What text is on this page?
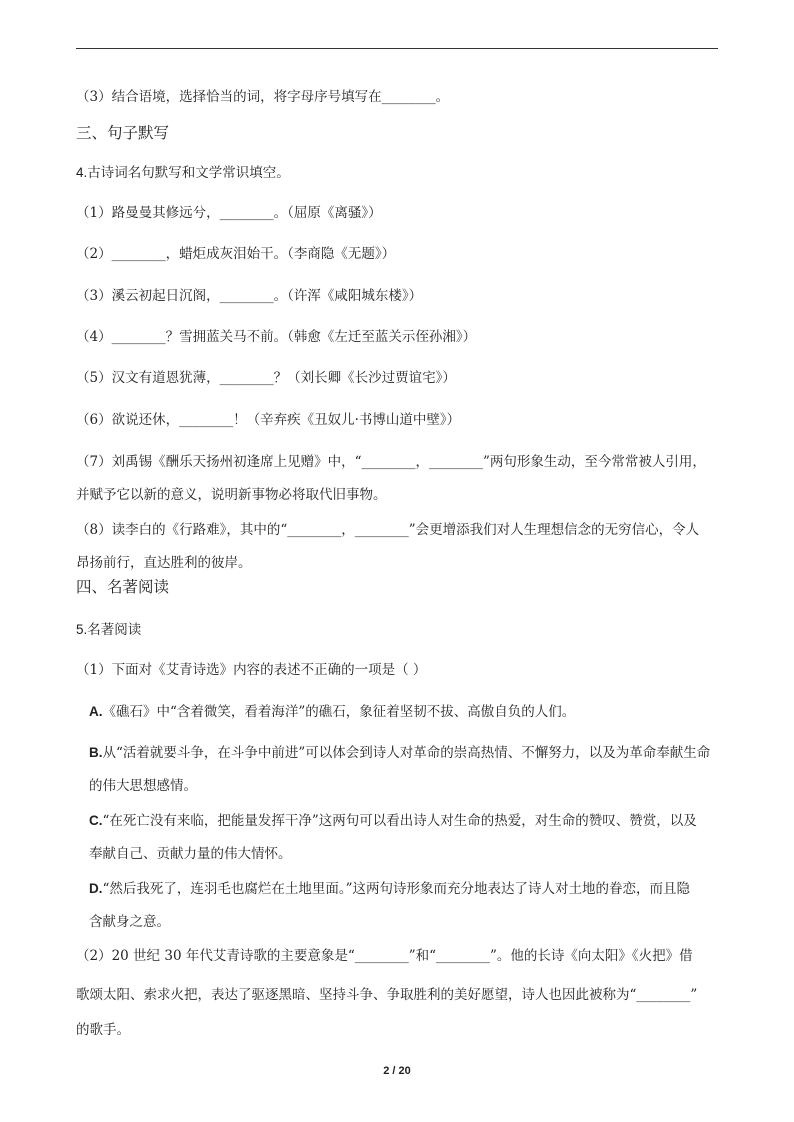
（3）结合语境，选择恰当的词，将字母序号填写在________。
三、句子默写
4.古诗词名句默写和文学常识填空。
（1）路曼曼其修远兮，________。（屈原《离骚》）
（2）________，蜡炬成灰泪始干。（李商隐《无题》）
（3）溪云初起日沉阁，________。（许浑《咸阳城东楼》）
（4）________？雪拥蓝关马不前。（韩愈《左迁至蓝关示侄孙湘》）
（5）汉文有道恩犹薄，________？（刘长卿《长沙过贾谊宅》）
（6）欲说还休，________！（辛弃疾《丑奴儿·书博山道中壁》）
（7）刘禹锡《酬乐天扬州初逢席上见赠》中，“________，________”两句形象生动，至今常常被人引用，
并赋予它以新的意义，说明新事物必将取代旧事物。
（8）读李白的《行路难》，其中的“________，________”会更增添我们对人生理想信念的无穷信心，令人
昂扬前行，直达胜利的彼岸。
四、名著阅读
5.名著阅读
（1）下面对《艾青诗选》内容的表述不正确的一项是（ ）
A.《礁石》中“含着微笑，看着海洋”的礁石，象征着坚韧不拔、高傲自负的人们。
B.从“活着就要斗争，在斗争中前进”可以体会到诗人对革命的崇高热情、不懈努力，以及为革命奉献生命
的伟大思想感情。
C.“在死亡没有来临，把能量发挥干净”这两句可以看出诗人对生命的热爱，对生命的赞叹、赞赏，以及
奉献自己、贡献力量的伟大情怀。
D.“然后我死了，连羽毛也腐烂在土地里面。”这两句诗形象而充分地表达了诗人对土地的眷恋，而且隐
含献身之意。
（2）20 世纪 30 年代艾青诗歌的主要意象是“________”和“________”。他的长诗《向太阳》《火把》借
歌颂太阳、索求火把，表达了驱逐黑暗、坚持斗争、争取胜利的美好愿望，诗人也因此被称为“________”
的歌手。
2 / 20
